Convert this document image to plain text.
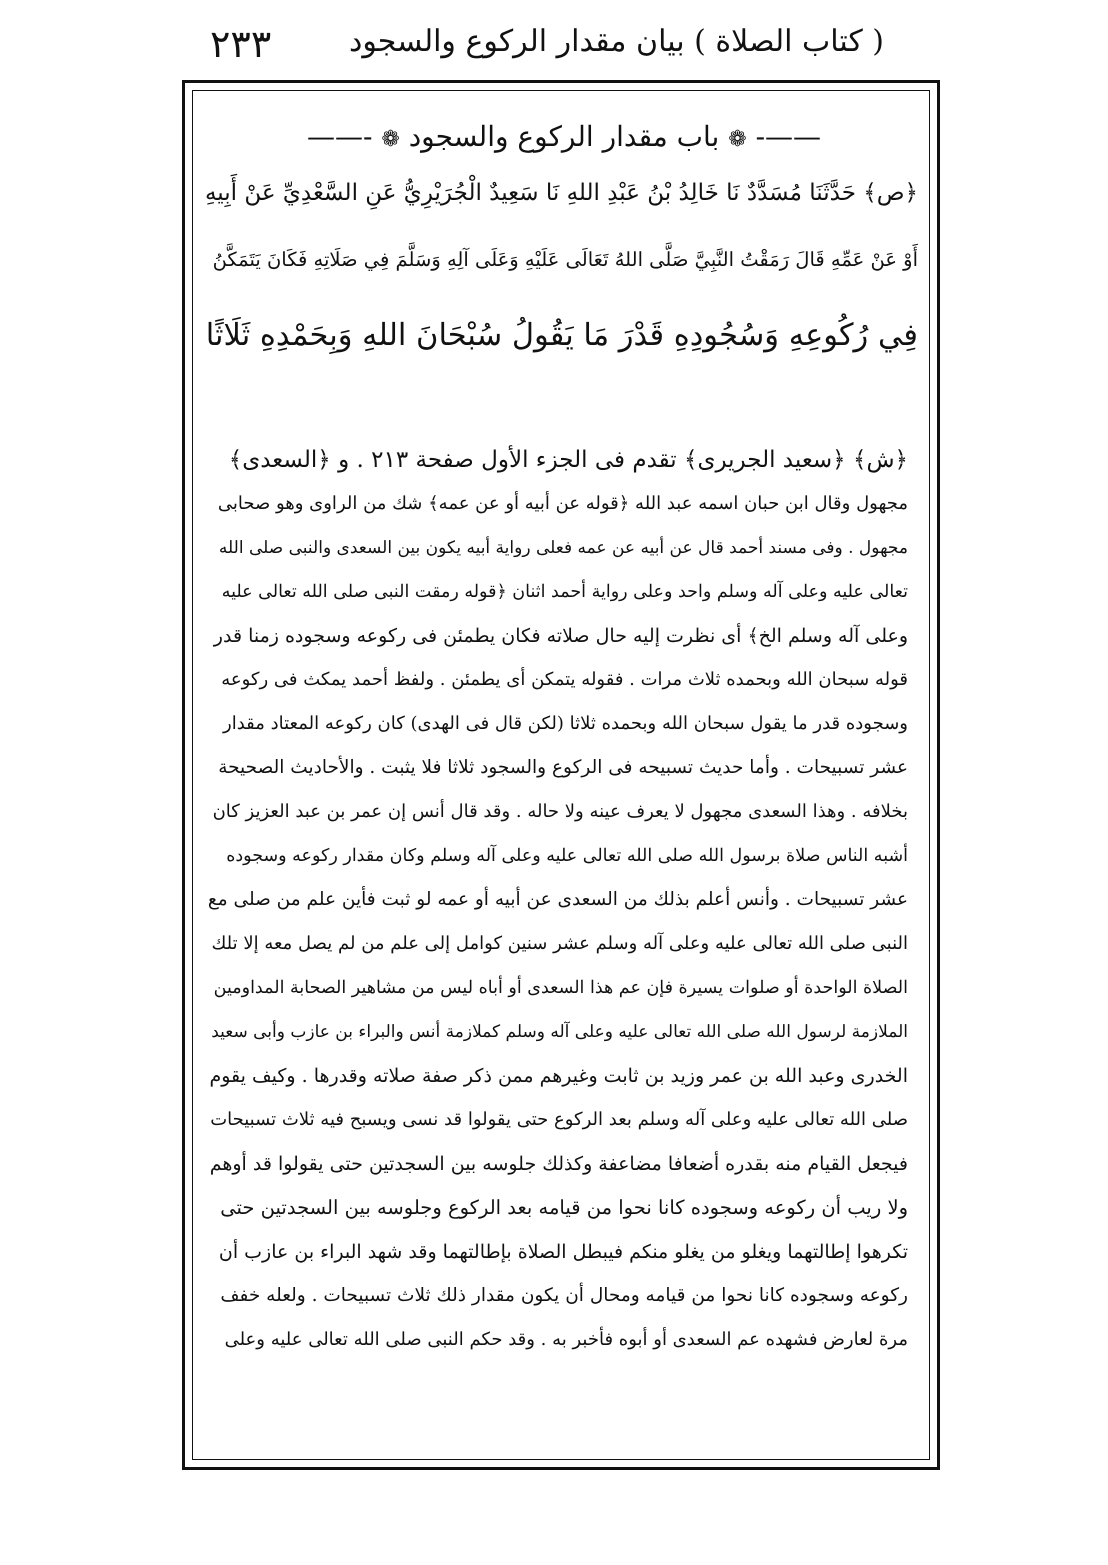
٢٣٣	( كتاب الصلاة ) بيان مقدار الركوع والسجود
——- ❁ باب مقدار الركوع والسجود ❁ -——
﴿ص﴾ حَدَّثَنَا مُسَدَّدٌ نَا خَالِدُ بْنُ عَبْدِ اللهِ نَا سَعِيدٌ الْجُرَيْرِيُّ عَنِ السَّعْدِيِّ عَنْ أَبِيهِ
أَوْ عَنْ عَمِّهِ قَالَ رَمَقْتُ النَّبِيَّ صَلَّى اللهُ تَعَالَى عَلَيْهِ وَعَلَى آلِهِ وَسَلَّمَ فِي صَلَاتِهِ فَكَانَ يَتَمَكَّنُ
فِي رُكُوعِهِ وَسُجُودِهِ قَدْرَ مَا يَقُولُ سُبْحَانَ اللهِ وَبِحَمْدِهِ ثَلَاثًا
﴿ش﴾ ﴿سعيد الجريرى﴾ تقدم فى الجزء الأول صفحة ٢١٣ . و ﴿السعدى﴾
مجهول وقال ابن حبان اسمه عبد الله ﴿قوله عن أبيه أو عن عمه﴾ شك من الراوى وهو صحابى
مجهول . وفى مسند أحمد قال عن أبيه عن عمه فعلى رواية أبيه يكون بين السعدى والنبى صلى الله
تعالى عليه وعلى آله وسلم واحد وعلى رواية أحمد اثنان ﴿قوله رمقت النبى صلى الله تعالى عليه
وعلى آله وسلم الخ﴾ أى نظرت إليه حال صلاته فكان يطمئن فى ركوعه وسجوده زمنا قدر
قوله سبحان الله وبحمده ثلاث مرات . فقوله يتمكن أى يطمئن . ولفظ أحمد يمكث فى ركوعه
وسجوده قدر ما يقول سبحان الله وبحمده ثلاثا (لكن قال فى الهدى) كان ركوعه المعتاد مقدار
عشر تسبيحات . وأما حديث تسبيحه فى الركوع والسجود ثلاثا فلا يثبت . والأحاديث الصحيحة
بخلافه . وهذا السعدى مجهول لا يعرف عينه ولا حاله . وقد قال أنس إن عمر بن عبد العزيز كان
أشبه الناس صلاة برسول الله صلى الله تعالى عليه وعلى آله وسلم وكان مقدار ركوعه وسجوده
عشر تسبيحات . وأنس أعلم بذلك من السعدى عن أبيه أو عمه لو ثبت فأين علم من صلى مع
النبى صلى الله تعالى عليه وعلى آله وسلم عشر سنين كوامل إلى علم من لم يصل معه إلا تلك
الصلاة الواحدة أو صلوات يسيرة فإن عم هذا السعدى أو أباه ليس من مشاهير الصحابة المداومين
الملازمة لرسول الله صلى الله تعالى عليه وعلى آله وسلم كملازمة أنس والبراء بن عازب وأبى سعيد
الخدرى وعبد الله بن عمر وزيد بن ثابت وغيرهم ممن ذكر صفة صلاته وقدرها . وكيف يقوم
صلى الله تعالى عليه وعلى آله وسلم بعد الركوع حتى يقولوا قد نسى ويسبح فيه ثلاث تسبيحات
فيجعل القيام منه بقدره أضعافا مضاعفة وكذلك جلوسه بين السجدتين حتى يقولوا قد أوهم
ولا ريب أن ركوعه وسجوده كانا نحوا من قيامه بعد الركوع وجلوسه بين السجدتين حتى
تكرهوا إطالتهما ويغلو من يغلو منكم فيبطل الصلاة بإطالتهما وقد شهد البراء بن عازب أن
ركوعه وسجوده كانا نحوا من قيامه ومحال أن يكون مقدار ذلك ثلاث تسبيحات . ولعله خفف
مرة لعارض فشهده عم السعدى أو أبوه فأخبر به . وقد حكم النبى صلى الله تعالى عليه وعلى
